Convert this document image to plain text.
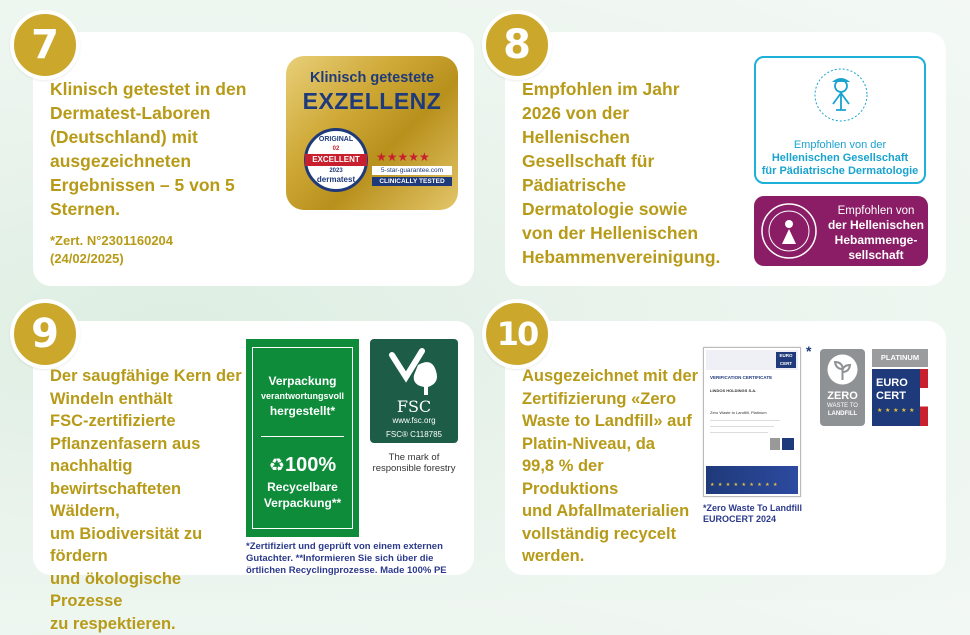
7
Klinisch getestet in den
Dermatest-Laboren
(Deutschland) mit
ausgezeichneten
Ergebnissen – 5 von 5
Sternen.
*Zert. N°2301160204
(24/02/2025)
Klinisch getestete
EXZELLENZ
ORIGINAL
02
EXCELLENT
2023
dermatest
★★★★★
5-star-guarantee.com
CLINICALLY TESTED
8
Empfohlen im Jahr
2026 von der
Hellenischen
Gesellschaft für
Pädiatrische
Dermatologie sowie
von der Hellenischen
Hebammenvereinigung.
Empfohlen von der
Hellenischen Gesellschaft
für Pädiatrische Dermatologie
Empfohlen von
der Hellenischen
Hebammenge-
sellschaft
9
Der saugfähige Kern der
Windeln enthält
FSC-zertifizierte
Pflanzenfasern aus
nachhaltig
bewirtschafteten Wäldern,
um Biodiversität zu fördern
und ökologische Prozesse
zu respektieren.
Verpackung
verantwortungsvoll
hergestellt*
♻100%
Recycelbare
Verpackung**
FSC
www.fsc.org
FSC® C118785
The mark of
responsible forestry
*Zertifiziert und geprüft von einem externen
Gutachter. **Informieren Sie sich über die
örtlichen Recyclingprozesse. Made 100% PE
10
Ausgezeichnet mit der
Zertifizierung «Zero
Waste to Landfill» auf
Platin-Niveau, da
99,8 % der Produktions
und Abfallmaterialien
vollständig recycelt
werden.
EURO CERT
VERIFICATION CERTIFICATE
LINDOS HOLDINGS S.A.
Zero Waste to Landfill, Platinum
★ ★ ★ ★ ★ ★ ★ ★ ★
*
ZERO
WASTE TO
LANDFILL
PLATINUM
EURO
CERT
★ ★ ★ ★ ★
*Zero Waste To Landfill
EUROCERT 2024
